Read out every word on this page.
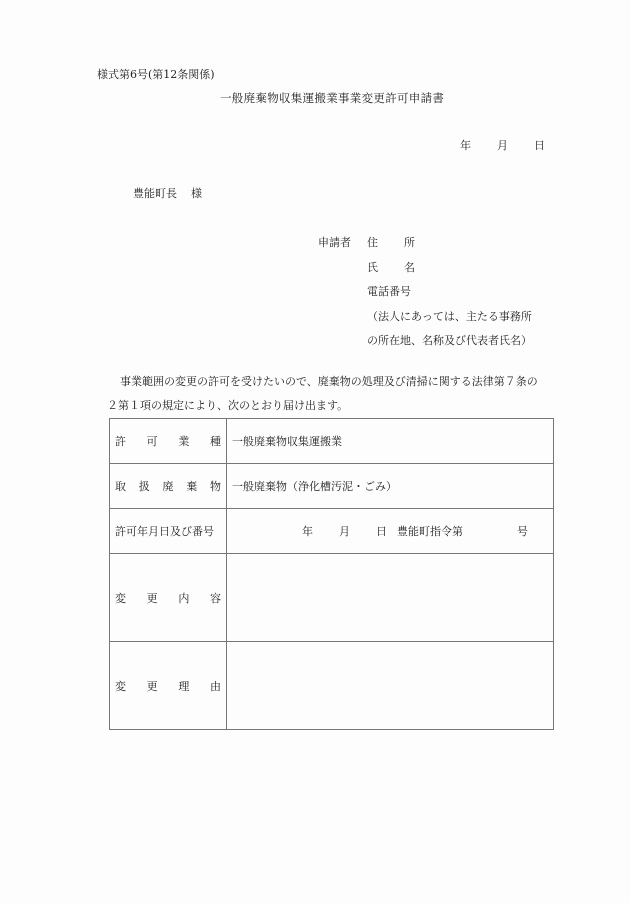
様式第6号(第12条関係)
一般廃棄物収集運搬業事業変更許可申請書
年 月 日
豊能町長 様
申請者 住 所
氏 名
電話番号
（法人にあっては、主たる事務所
の所在地、名称及び代表者氏名）

事業範囲の変更の許可を受けたいので、廃棄物の処理及び清掃に関する法律第７条の

２第１項の規定により、次のとおり届け出ます。

許 可 業 種	一般廃棄物収集運搬業

取 扱 廃 棄 物	一般廃棄物（浄化槽汚泥・ごみ）
許可年月日及び番号	年 月 日 豊能町指令第 号

変 更 内 容	

変 更 理 由	
